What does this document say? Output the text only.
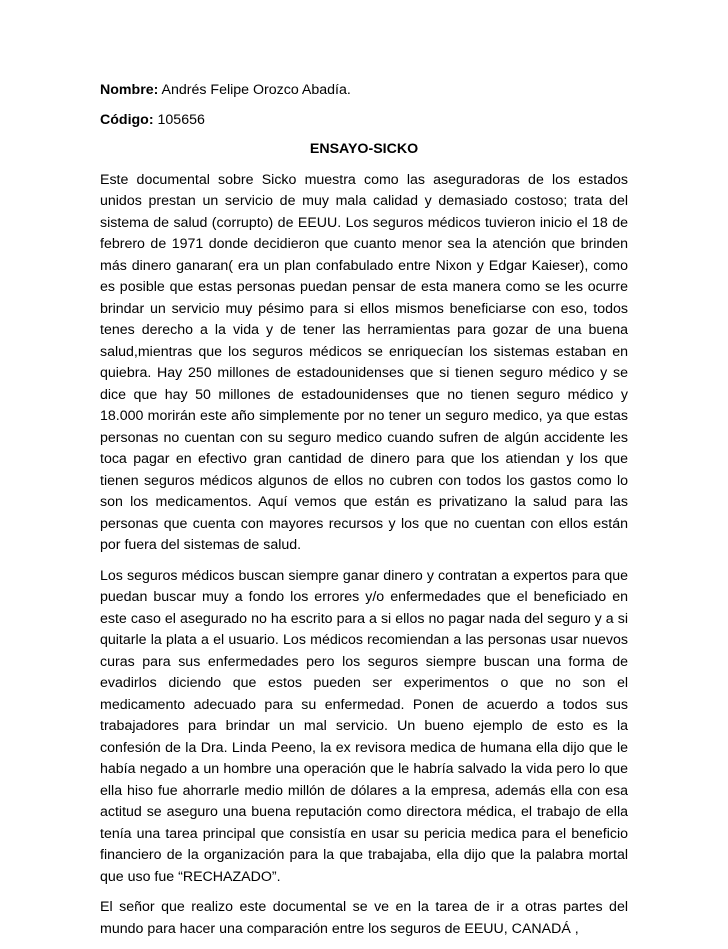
Nombre: Andrés Felipe Orozco Abadía.

Código: 105656

ENSAYO-SICKO

Este documental sobre Sicko muestra como las aseguradoras de los estados unidos prestan un servicio de muy mala calidad y demasiado costoso; trata del sistema de salud (corrupto) de EEUU. Los seguros médicos tuvieron inicio el 18 de febrero de 1971 donde decidieron que cuanto menor sea la atención que brinden más dinero ganaran( era un plan confabulado entre Nixon y Edgar Kaieser), como es posible que estas personas puedan pensar de esta manera como se les ocurre brindar un servicio muy pésimo para si ellos mismos beneficiarse con eso, todos tenes derecho a la vida y de tener las herramientas para gozar de una buena salud,mientras que los seguros médicos se enriquecían los sistemas estaban en quiebra. Hay 250 millones de estadounidenses que si tienen seguro médico y se dice que hay 50 millones de estadounidenses que no tienen seguro médico y 18.000 morirán este año simplemente por no tener un seguro medico, ya que estas personas no cuentan con su seguro medico cuando sufren de algún accidente les toca pagar en efectivo gran cantidad de dinero para que los atiendan y los que tienen seguros médicos algunos de ellos no cubren con todos los gastos como lo son los medicamentos. Aquí vemos que están es privatizano la salud para las personas que cuenta con mayores recursos y los que no cuentan con ellos están por fuera del sistemas de salud.

Los seguros médicos buscan siempre ganar dinero y contratan a expertos para que puedan buscar muy a fondo los errores y/o enfermedades que el beneficiado en este caso el asegurado no ha escrito para a si ellos no pagar nada del seguro y a si quitarle la plata a el usuario. Los médicos recomiendan a las personas usar nuevos curas para sus enfermedades pero los seguros siempre buscan una forma de evadirlos diciendo que estos pueden ser experimentos o que no son el medicamento adecuado para su enfermedad. Ponen de acuerdo a todos sus trabajadores para brindar un mal servicio. Un bueno ejemplo de esto es la confesión de la Dra. Linda Peeno, la ex revisora medica de humana ella dijo que le había negado a un hombre una operación que le habría salvado la vida pero lo que ella hiso fue ahorrarle medio millón de dólares a la empresa, además ella con esa actitud se aseguro una buena reputación como directora médica, el trabajo de ella tenía una tarea principal que consistía en usar su pericia medica para el beneficio financiero de la organización para la que trabajaba, ella dijo que la palabra mortal que uso fue “RECHAZADO”.

El señor que realizo este documental se ve en la tarea de ir a otras partes del mundo para hacer una comparación entre los seguros de EEUU, CANADÁ ,
